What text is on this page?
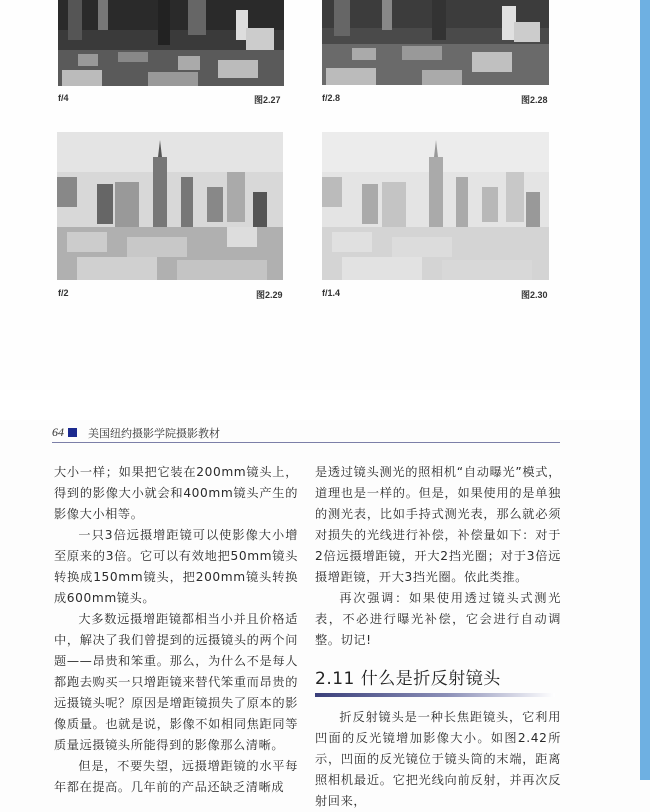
f/4	图2.27	f/2.8	图2.28
f/2	图2.29	f/1.4	图2.30
64 美国纽约摄影学院摄影教材

大小一样；如果把它装在200mm镜头上，得到的影像大小就会和400mm镜头产生的影像大小相等。

一只3倍远摄增距镜可以使影像大小增至原来的3倍。它可以有效地把50mm镜头转换成150mm镜头，把200mm镜头转换成600mm镜头。

大多数远摄增距镜都相当小并且价格适中，解决了我们曾提到的远摄镜头的两个问题——昂贵和笨重。那么，为什么不是每人都跑去购买一只增距镜来替代笨重而昂贵的远摄镜头呢？原因是增距镜损失了原本的影像质量。也就是说，影像不如相同焦距同等质量远摄镜头所能得到的影像那么清晰。

但是，不要失望，远摄增距镜的水平每年都在提高。几年前的产品还缺乏清晰成

是透过镜头测光的照相机“自动曝光”模式，道理也是一样的。但是，如果使用的是单独的测光表，比如手持式测光表，那么就必须对损失的光线进行补偿，补偿量如下：对于2倍远摄增距镜，开大2挡光圈；对于3倍远摄增距镜，开大3挡光圈。依此类推。

再次强调：如果使用透过镜头式测光表，不必进行曝光补偿，它会进行自动调整。切记!

2.11 什么是折反射镜头

折反射镜头是一种长焦距镜头，它利用凹面的反光镜增加影像大小。如图2.42所示，凹面的反光镜位于镜头筒的末端，距离照相机最近。它把光线向前反射，并再次反射回来，
